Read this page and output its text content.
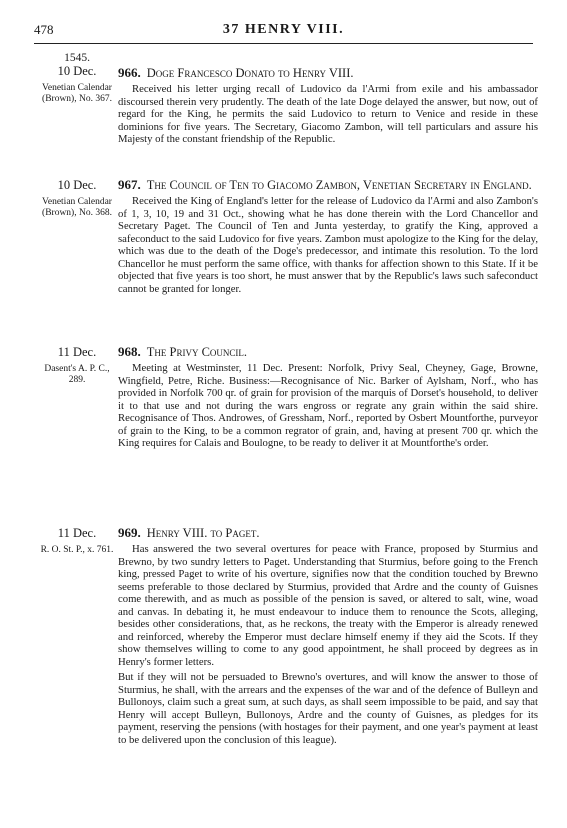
478	37 HENRY VIII.
1545.
10 Dec.
Venetian Calendar (Brown), No. 367.
966. Doge Francesco Donato to Henry VIII.

Received his letter urging recall of Ludovico da l'Armi from exile and his ambassador discoursed therein very prudently. The death of the late Doge delayed the answer, but now, out of regard for the King, he permits the said Ludovico to return to Venice and reside in these dominions for five years. The Secretary, Giacomo Zambon, will tell particulars and assure his Majesty of the constant friendship of the Republic.

10 Dec.
Venetian Calendar (Brown), No. 368.
967. The Council of Ten to Giacomo Zambon, Venetian Secretary in England.

Received the King of England's letter for the release of Ludovico da l'Armi and also Zambon's of 1, 3, 10, 19 and 31 Oct., showing what he has done therein with the Lord Chancellor and Secretary Paget. The Council of Ten and Junta yesterday, to gratify the King, approved a safeconduct to the said Ludovico for five years. Zambon must apologize to the King for the delay, which was due to the death of the Doge's predecessor, and intimate this resolution. To the lord Chancellor he must perform the same office, with thanks for affection shown to this State. If it be objected that five years is too short, he must answer that by the Republic's laws such safeconduct cannot be granted for longer.

11 Dec.
Dasent's A. P. C., 289.
968. The Privy Council.

Meeting at Westminster, 11 Dec. Present: Norfolk, Privy Seal, Cheyney, Gage, Browne, Wingfield, Petre, Riche. Business:—Recognisance of Nic. Barker of Aylsham, Norf., who has provided in Norfolk 700 qr. of grain for provision of the marquis of Dorset's household, to deliver it to that use and not during the wars engross or regrate any grain within the said shire. Recognisance of Thos. Androwes, of Gressham, Norf., reported by Osbert Mountforthe, purveyor of grain to the King, to be a common regrator of grain, and, having at present 700 qr. which the King requires for Calais and Boulogne, to be ready to deliver it at Mountforthe's order.

11 Dec.
R. O. St. P., x. 761.
969. Henry VIII. to Paget.

Has answered the two several overtures for peace with France, proposed by Sturmius and Brewno, by two sundry letters to Paget. Understanding that Sturmius, before going to the French king, pressed Paget to write of his overture, signifies now that the condition touched by Brewno seems preferable to those declared by Sturmius, provided that Ardre and the county of Guisnes come therewith, and as much as possible of the pension is saved, or altered to salt, wine, woad and canvas. In debating it, he must endeavour to induce them to renounce the Scots, alleging, besides other considerations, that, as he reckons, the treaty with the Emperor is already renewed and reinforced, whereby the Emperor must declare himself enemy if they aid the Scots. If they show themselves willing to come to any good appointment, he shall proceed by degrees as in Henry's former letters.

But if they will not be persuaded to Brewno's overtures, and will know the answer to those of Sturmius, he shall, with the arrears and the expenses of the war and of the defence of Bulleyn and Bullonoys, claim such a great sum, at such days, as shall seem impossible to be paid, and say that Henry will accept Bulleyn, Bullonoys, Ardre and the county of Guisnes, as pledges for its payment, reserving the pensions (with hostages for their payment, and one year's payment at least to be delivered upon the conclusion of this league).
